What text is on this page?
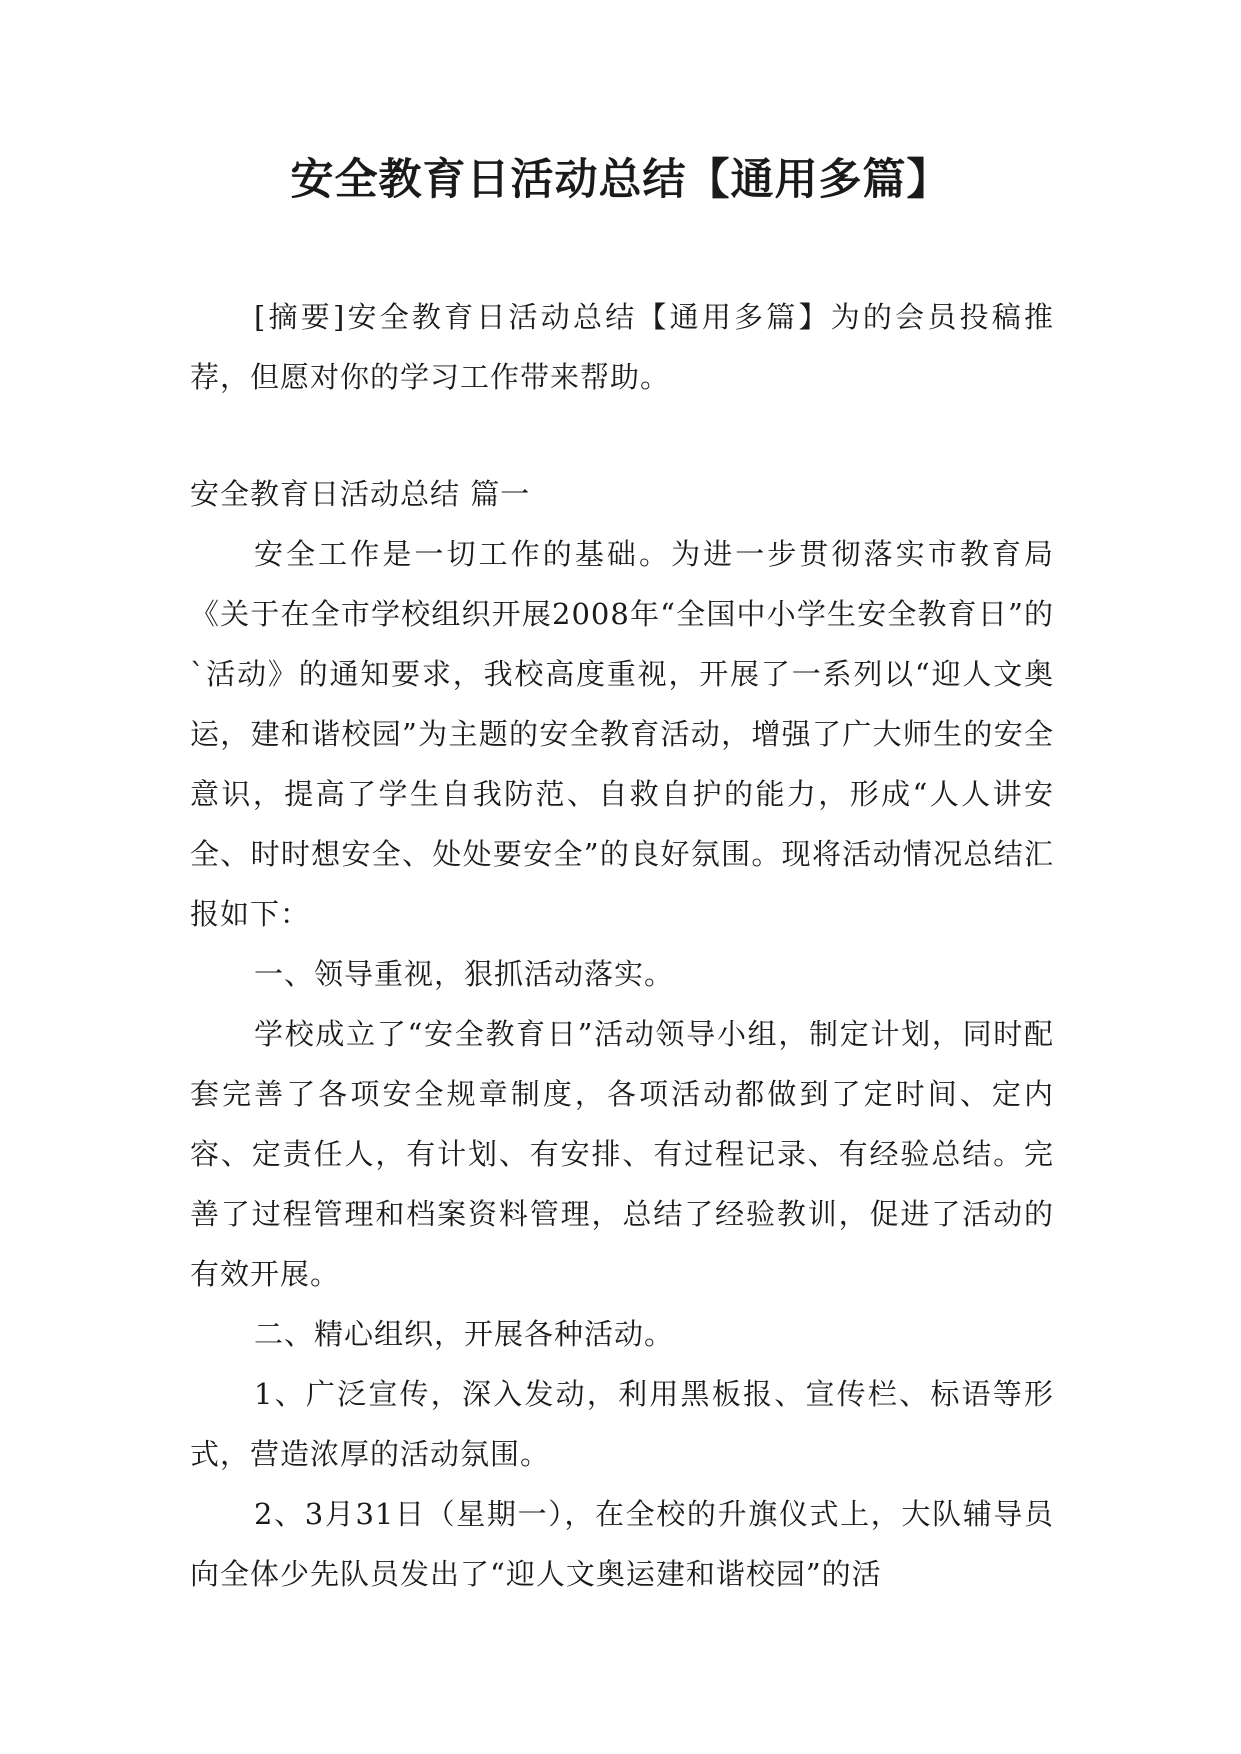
安全教育日活动总结【通用多篇】

[摘要]安全教育日活动总结【通用多篇】为的会员投稿推荐，但愿对你的学习工作带来帮助。

安全教育日活动总结 篇一

安全工作是一切工作的基础。为进一步贯彻落实市教育局《关于在全市学校组织开展2008年“全国中小学生安全教育日”的`活动》的通知要求，我校高度重视，开展了一系列以“迎人文奥运，建和谐校园”为主题的安全教育活动，增强了广大师生的安全意识，提高了学生自我防范、自救自护的能力，形成“人人讲安全、时时想安全、处处要安全”的良好氛围。现将活动情况总结汇报如下：

一、领导重视，狠抓活动落实。

学校成立了“安全教育日”活动领导小组，制定计划，同时配套完善了各项安全规章制度，各项活动都做到了定时间、定内容、定责任人，有计划、有安排、有过程记录、有经验总结。完善了过程管理和档案资料管理，总结了经验教训，促进了活动的有效开展。

二、精心组织，开展各种活动。

1、广泛宣传，深入发动，利用黑板报、宣传栏、标语等形式，营造浓厚的活动氛围。

2、3月31日（星期一），在全校的升旗仪式上，大队辅导员向全体少先队员发出了“迎人文奥运建和谐校园”的活
